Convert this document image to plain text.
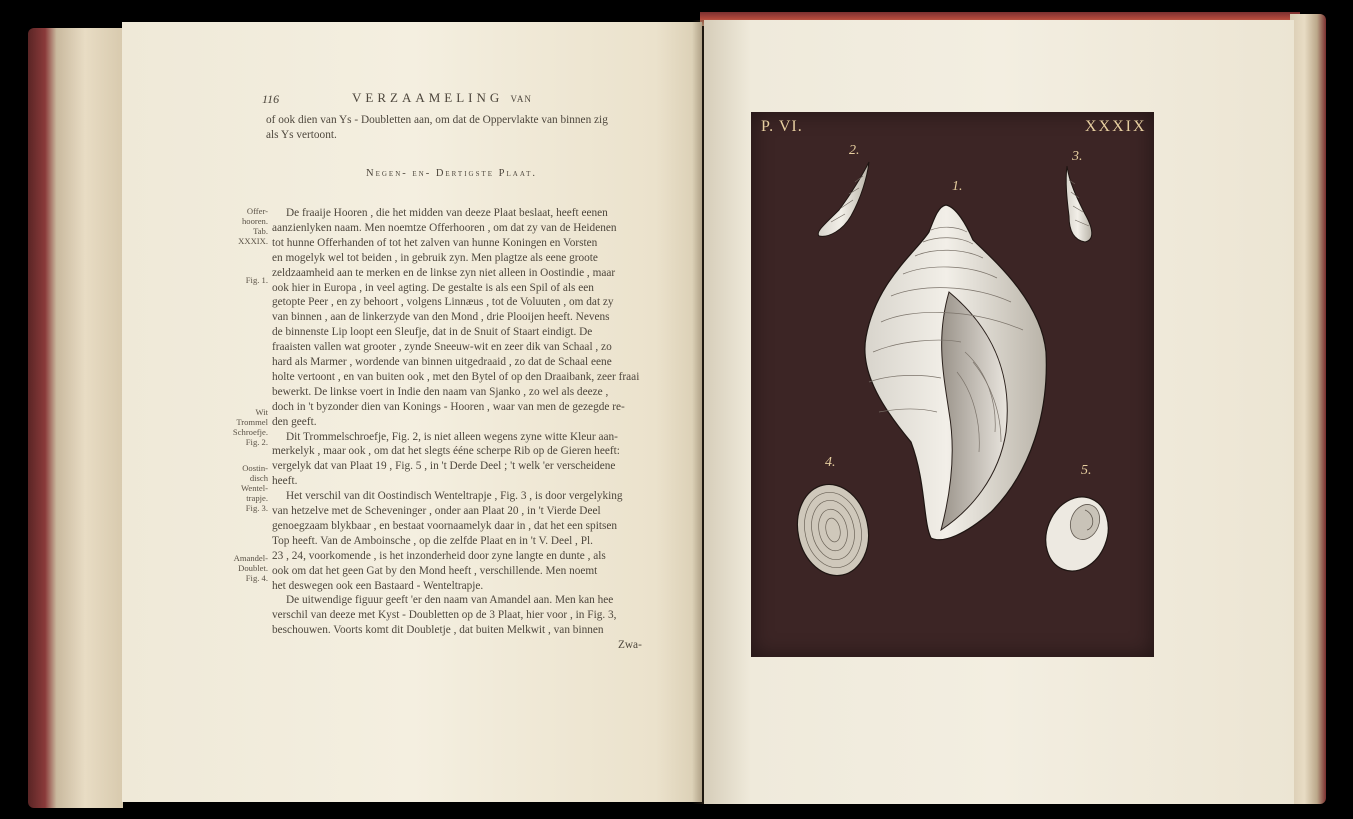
116	VERZAAMELING VAN
of ook dien van Ys - Doubletten aan, om dat de Oppervlakte van binnen zig
als Ys vertoont.
Negen- en- Dertigste Plaat.
De fraaije Hooren , die het midden van deeze Plaat beslaat, heeft eenen
aanzienlyken naam. Men noemtze Offerhooren , om dat zy van de Heidenen
tot hunne Offerhanden of tot het zalven van hunne Koningen en Vorsten
en mogelyk wel tot beiden , in gebruik zyn. Men plagtze als eene groote
zeldzaamheid aan te merken en de linkse zyn niet alleen in Oostindie , maar
ook hier in Europa , in veel agting. De gestalte is als een Spil of als een
getopte Peer , en zy behoort , volgens Linnæus , tot de Voluuten , om dat zy
van binnen , aan de linkerzyde van den Mond , drie Plooijen heeft. Nevens
de binnenste Lip loopt een Sleufje, dat in de Snuit of Staart eindigt. De
fraaisten vallen wat grooter , zynde Sneeuw-wit en zeer dik van Schaal , zo
hard als Marmer , wordende van binnen uitgedraaid , zo dat de Schaal eene
holte vertoont , en van buiten ook , met den Bytel of op den Draaibank, zeer fraai
bewerkt. De linkse voert in Indie den naam van Sjanko , zo wel als deeze ,
doch in 't byzonder dien van Konings - Hooren , waar van men de gezegde re-
den geeft.
Dit Trommelschroefje, Fig. 2, is niet alleen wegens zyne witte Kleur aan-
merkelyk , maar ook , om dat het slegts ééne scherpe Rib op de Gieren heeft:
vergelyk dat van Plaat 19 , Fig. 5 , in 't Derde Deel ; 't welk 'er verscheidene
heeft.
Het verschil van dit Oostindisch Wenteltrapje , Fig. 3 , is door vergelyking
van hetzelve met de Scheveninger , onder aan Plaat 20 , in 't Vierde Deel
genoegzaam blykbaar , en bestaat voornaamelyk daar in , dat het een spitsen
Top heeft. Van de Amboinsche , op die zelfde Plaat en in 't V. Deel , Pl.
23 , 24, voorkomende , is het inzonderheid door zyne langte en dunte , als
ook om dat het geen Gat by den Mond heeft , verschillende. Men noemt
het deswegen ook een Bastaard - Wenteltrapje.
De uitwendige figuur geeft 'er den naam van Amandel aan. Men kan hee
verschil van deeze met Kyst - Doubletten op de 3 Plaat, hier voor , in Fig. 3,
beschouwen. Voorts komt dit Doubletje , dat buiten Melkwit , van binnen
Zwa-
Offer-
hooren.
Tab.
XXXIX.
Fig. 1.
Wit
Trommel
Schroefje.
Fig. 2.
Oostin-
disch
Wentel-
trapje.
Fig. 3.
Amandel-
Doublet.
Fig. 4.
P. VI.	XXXIX
1.
2.	3.
4.
5.
